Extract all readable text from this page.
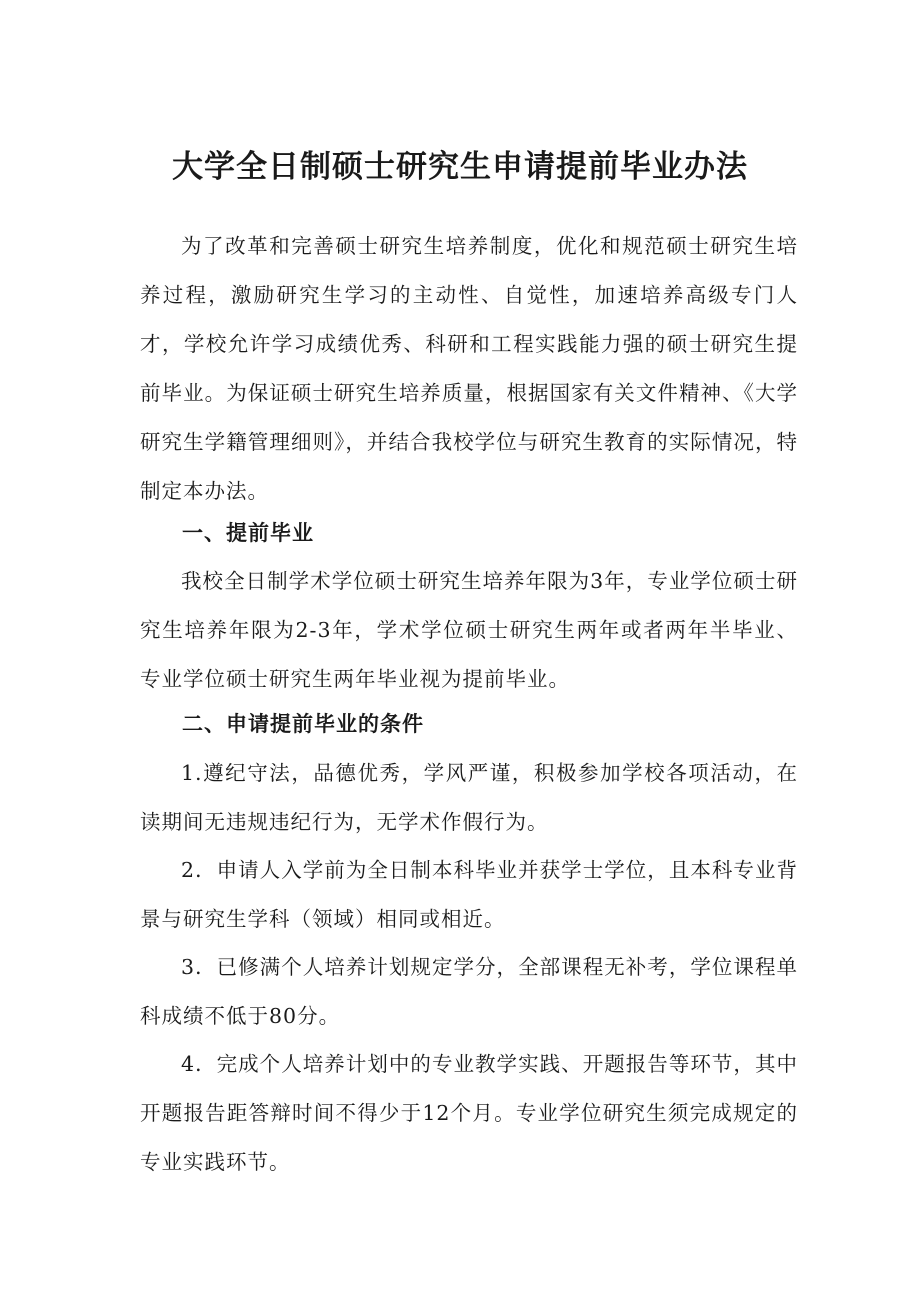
大学全日制硕士研究生申请提前毕业办法

为了改革和完善硕士研究生培养制度，优化和规范硕士研究生培养过程，激励研究生学习的主动性、自觉性，加速培养高级专门人才，学校允许学习成绩优秀、科研和工程实践能力强的硕士研究生提前毕业。为保证硕士研究生培养质量，根据国家有关文件精神、《大学研究生学籍管理细则》，并结合我校学位与研究生教育的实际情况，特制定本办法。

一、提前毕业

我校全日制学术学位硕士研究生培养年限为3年，专业学位硕士研究生培养年限为2-3年，学术学位硕士研究生两年或者两年半毕业、专业学位硕士研究生两年毕业视为提前毕业。

二、申请提前毕业的条件

1.遵纪守法，品德优秀，学风严谨，积极参加学校各项活动，在读期间无违规违纪行为，无学术作假行为。

2．申请人入学前为全日制本科毕业并获学士学位，且本科专业背景与研究生学科（领域）相同或相近。

3．已修满个人培养计划规定学分，全部课程无补考，学位课程单科成绩不低于80分。

4．完成个人培养计划中的专业教学实践、开题报告等环节，其中开题报告距答辩时间不得少于12个月。专业学位研究生须完成规定的专业实践环节。
